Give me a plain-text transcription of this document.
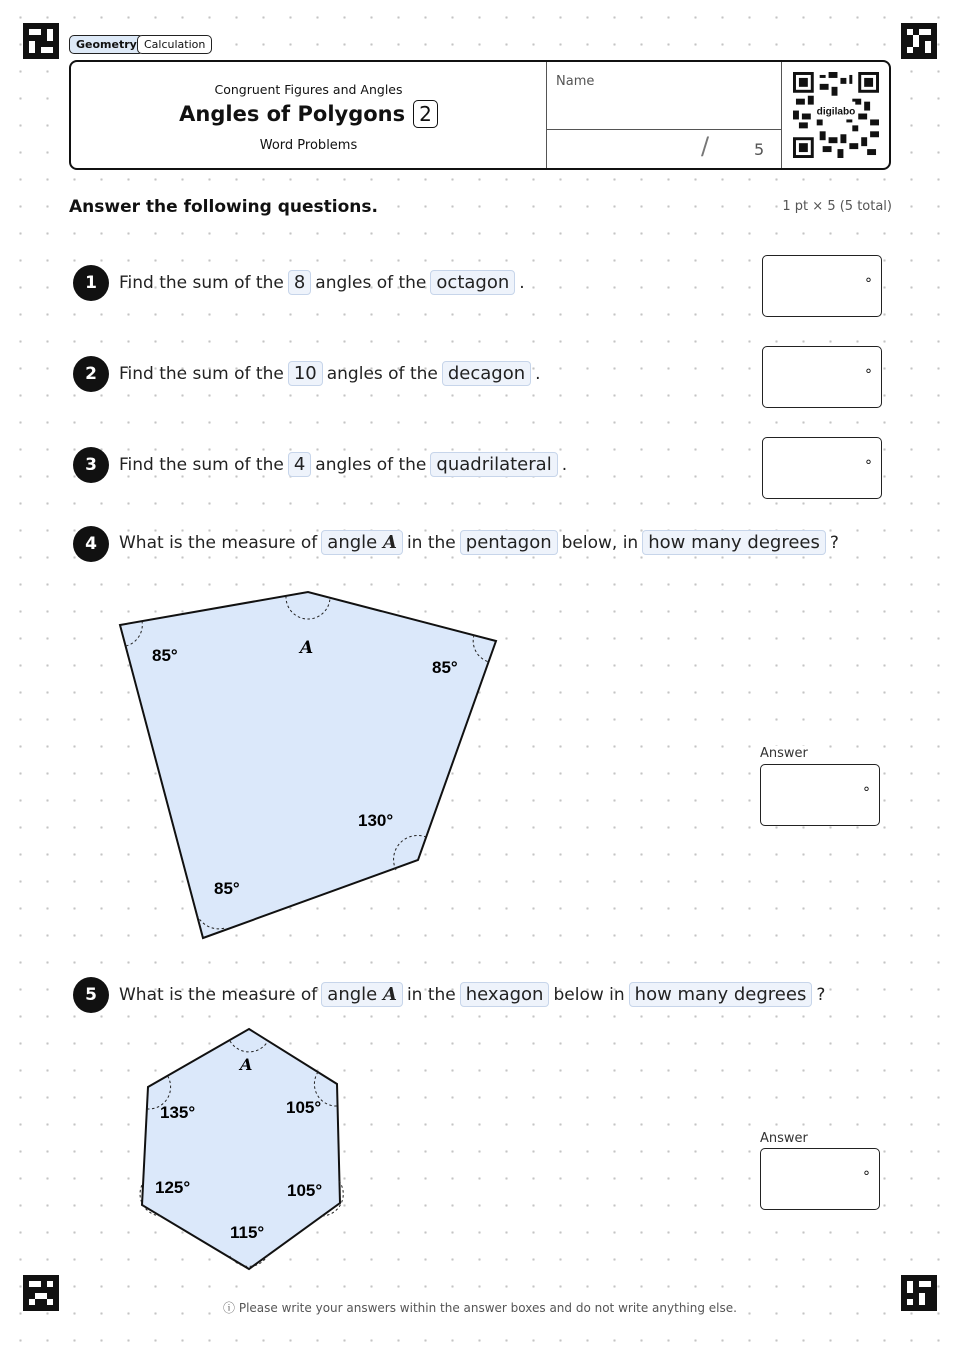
Geometry Calculation
Congruent Figures and Angles
Angles of Polygons 2
Word Problems
Name
/	5
digilabo
Answer the following questions.	1 pt × 5 (5 total)
1	Find the sum of the 8 angles of the octagon .	°
2	Find the sum of the 10 angles of the decagon .	°
3	Find the sum of the 4 angles of the quadrilateral .	°
4	What is the measure of angle A in the pentagon below, in how many degrees ?
85°	A
85°
130°
85°
Answer
°
5	What is the measure of angle A in the hexagon below in how many degrees ?
A
135°	105°
125°	105°
115°
Answer
°
ⓘ Please write your answers within the answer boxes and do not write anything else.
